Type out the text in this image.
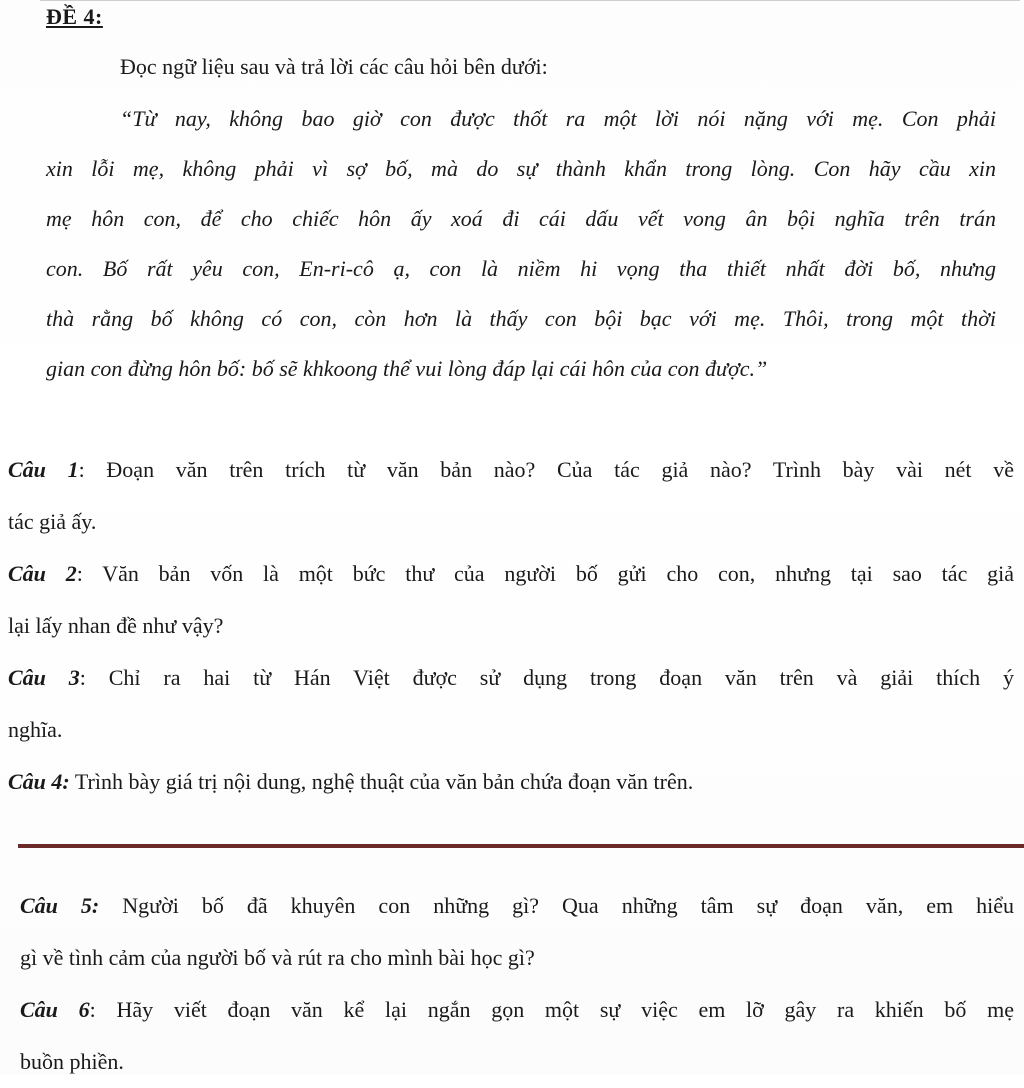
ĐỀ 4:
Đọc ngữ liệu sau và trả lời các câu hỏi bên dưới:
“Từ nay, không bao giờ con được thốt ra một lời nói nặng với mẹ. Con phải
xin lỗi mẹ, không phải vì sợ bố, mà do sự thành khẩn trong lòng. Con hãy cầu xin
mẹ hôn con, để cho chiếc hôn ấy xoá đi cái dấu vết vong ân bội nghĩa trên trán
con. Bố rất yêu con, En-ri-cô ạ, con là niềm hi vọng tha thiết nhất đời bố, nhưng
thà rằng bố không có con, còn hơn là thấy con bội bạc với mẹ. Thôi, trong một thời
gian con đừng hôn bố: bố sẽ khkoong thể vui lòng đáp lại cái hôn của con được.”
Câu 1: Đoạn văn trên trích từ văn bản nào? Của tác giả nào? Trình bày vài nét về
tác giả ấy.
Câu 2: Văn bản vốn là một bức thư của người bố gửi cho con, nhưng tại sao tác giả
lại lấy nhan đề như vậy?
Câu 3: Chỉ ra hai từ Hán Việt được sử dụng trong đoạn văn trên và giải thích ý
nghĩa.
Câu 4: Trình bày giá trị nội dung, nghệ thuật của văn bản chứa đoạn văn trên.
Câu 5: Người bố đã khuyên con những gì? Qua những tâm sự đoạn văn, em hiểu
gì về tình cảm của người bố và rút ra cho mình bài học gì?
Câu 6: Hãy viết đoạn văn kể lại ngắn gọn một sự việc em lỡ gây ra khiến bố mẹ
buồn phiền.
